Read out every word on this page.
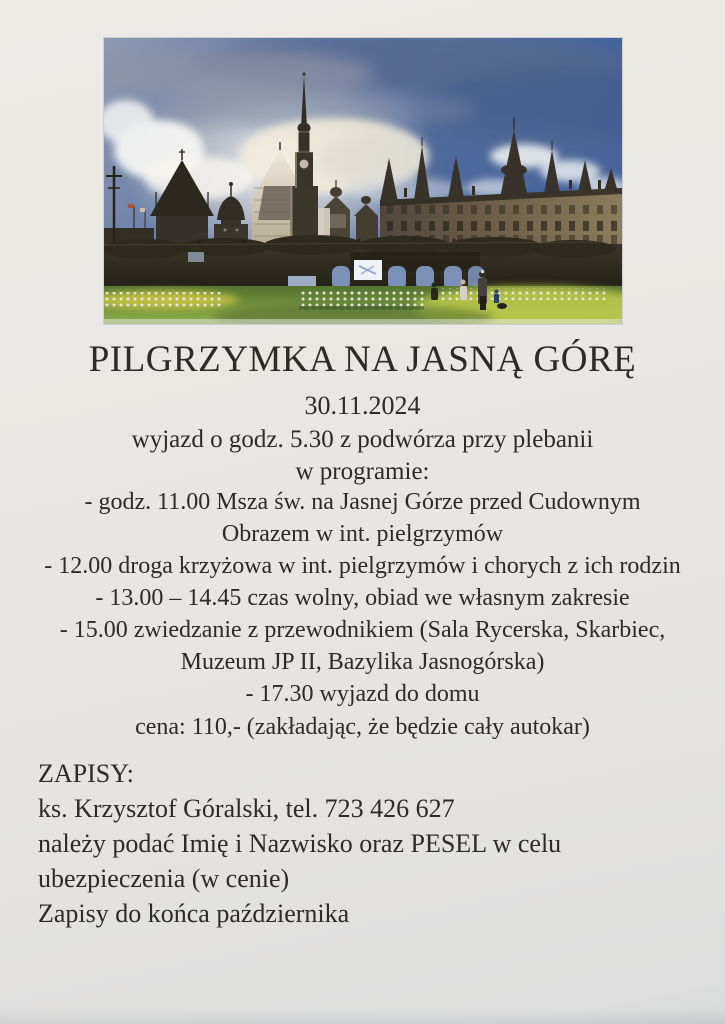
PILGRZYMKA NA JASNĄ GÓRĘ
30.11.2024
wyjazd o godz. 5.30 z podwórza przy plebanii
w programie:
- godz. 11.00 Msza św. na Jasnej Górze przed Cudownym
Obrazem w int. pielgrzymów
- 12.00 droga krzyżowa w int. pielgrzymów i chorych z ich rodzin
- 13.00 – 14.45 czas wolny, obiad we własnym zakresie
- 15.00 zwiedzanie z przewodnikiem (Sala Rycerska, Skarbiec,
Muzeum JP II, Bazylika Jasnogórska)
- 17.30 wyjazd do domu
cena: 110,- (zakładając, że będzie cały autokar)
ZAPISY:
ks. Krzysztof Góralski, tel. 723 426 627
należy podać Imię i Nazwisko oraz PESEL w celu
ubezpieczenia (w cenie)
Zapisy do końca października
